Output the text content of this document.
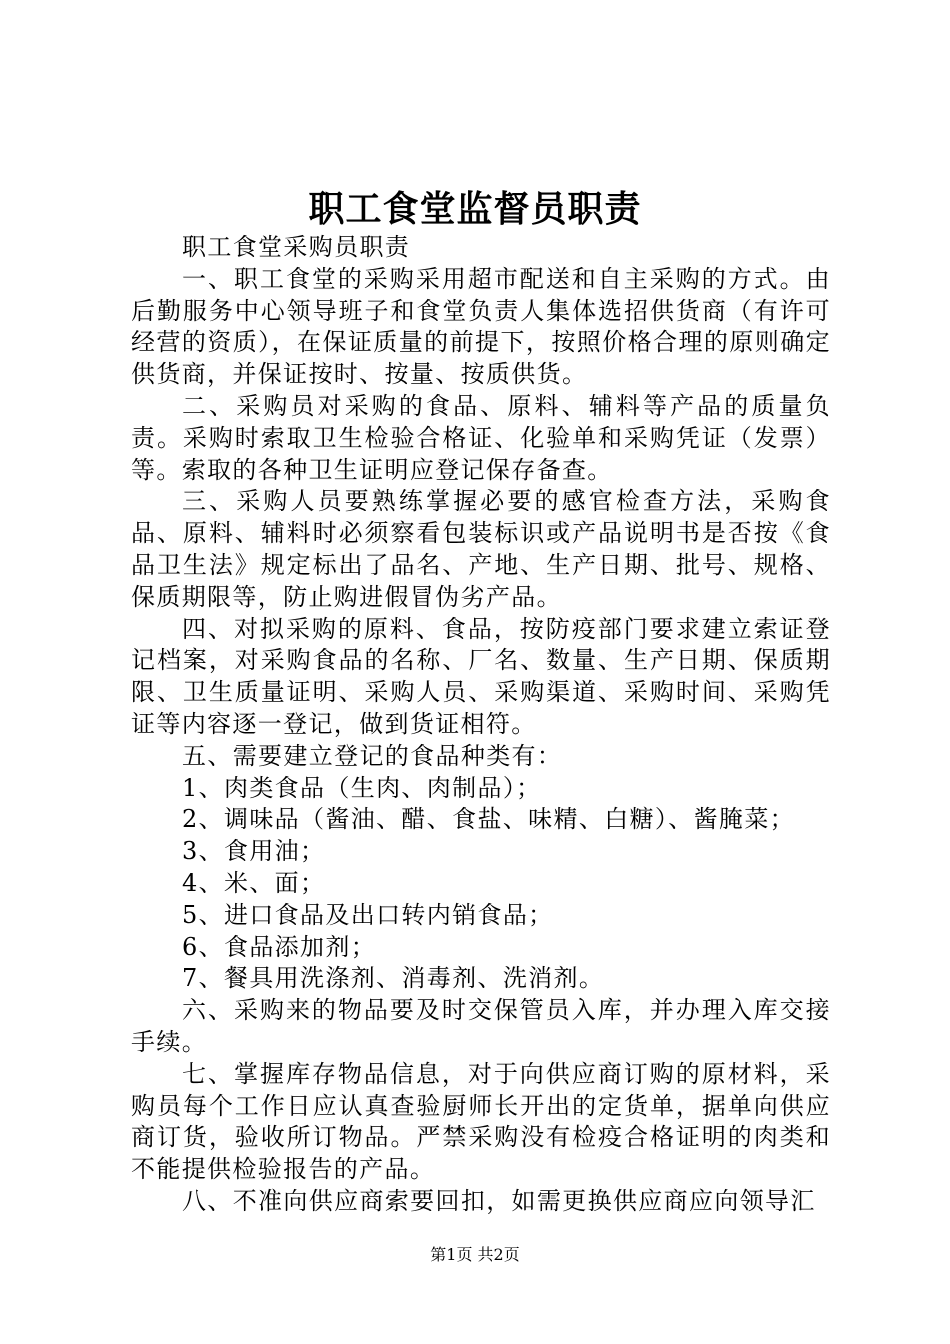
职工食堂监督员职责

职工食堂采购员职责

一、职工食堂的采购采用超市配送和自主采购的方式。由后勤服务中心领导班子和食堂负责人集体选招供货商（有许可经营的资质），在保证质量的前提下，按照价格合理的原则确定供货商，并保证按时、按量、按质供货。

二、采购员对采购的食品、原料、辅料等产品的质量负责。采购时索取卫生检验合格证、化验单和采购凭证（发票）等。索取的各种卫生证明应登记保存备查。

三、采购人员要熟练掌握必要的感官检查方法，采购食品、原料、辅料时必须察看包装标识或产品说明书是否按《食品卫生法》规定标出了品名、产地、生产日期、批号、规格、保质期限等，防止购进假冒伪劣产品。

四、对拟采购的原料、食品，按防疫部门要求建立索证登记档案，对采购食品的名称、厂名、数量、生产日期、保质期限、卫生质量证明、采购人员、采购渠道、采购时间、采购凭证等内容逐一登记，做到货证相符。

五、需要建立登记的食品种类有：

1、肉类食品（生肉、肉制品）；

2、调味品（酱油、醋、食盐、味精、白糖）、酱腌菜；

3、食用油；

4、米、面；

5、进口食品及出口转内销食品；

6、食品添加剂；

7、餐具用洗涤剂、消毒剂、洗消剂。

六、采购来的物品要及时交保管员入库，并办理入库交接手续。

七、掌握库存物品信息，对于向供应商订购的原材料，采购员每个工作日应认真查验厨师长开出的定货单，据单向供应商订货，验收所订物品。严禁采购没有检疫合格证明的肉类和不能提供检验报告的产品。

八、不准向供应商索要回扣，如需更换供应商应向领导汇

第1页 共2页
